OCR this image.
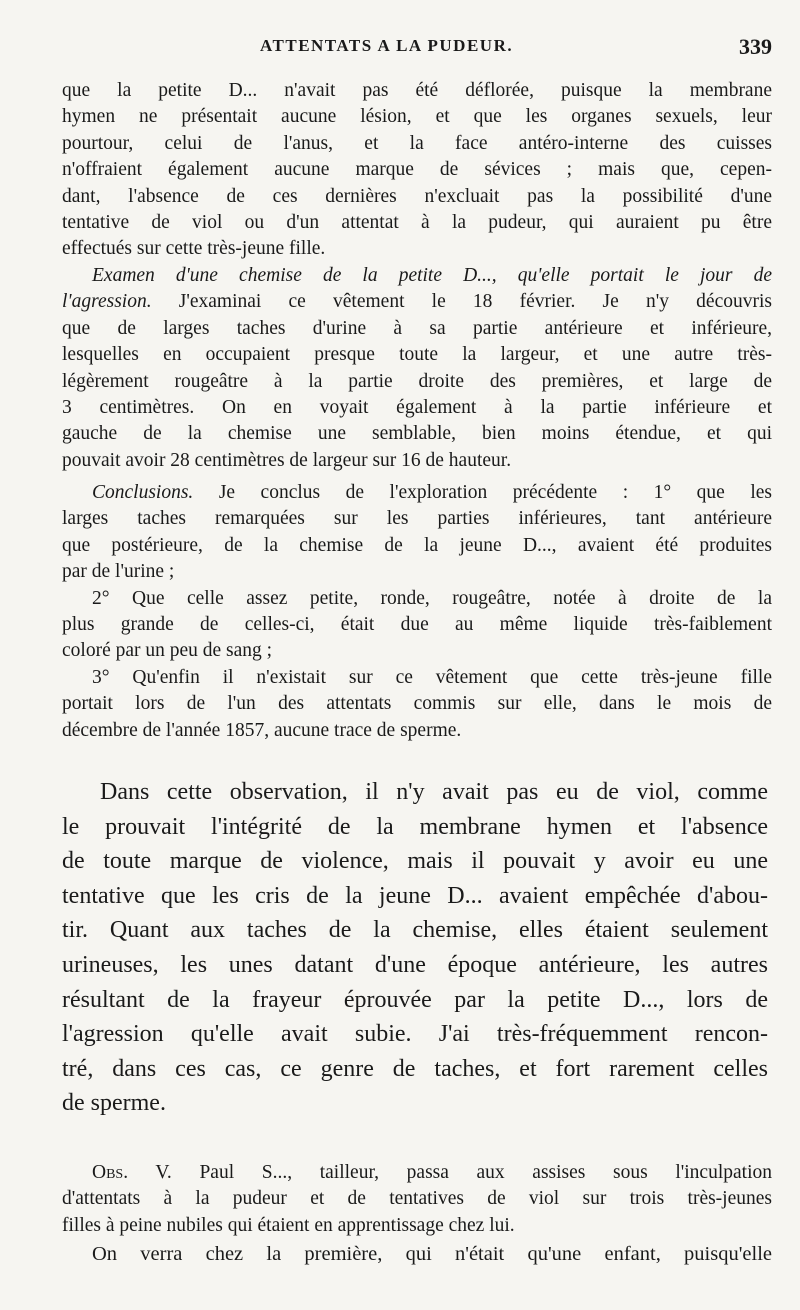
ATTENTATS A LA PUDEUR.	339

que la petite D... n'avait pas été déflorée, puisque la membrane

hymen ne présentait aucune lésion, et que les organes sexuels, leur

pourtour, celui de l'anus, et la face antéro-interne des cuisses

n'offraient également aucune marque de sévices ; mais que, cepen-

dant, l'absence de ces dernières n'excluait pas la possibilité d'une

tentative de viol ou d'un attentat à la pudeur, qui auraient pu être

effectués sur cette très-jeune fille.

Examen d'une chemise de la petite D..., qu'elle portait le jour de

l'agression. J'examinai ce vêtement le 18 février. Je n'y découvris

que de larges taches d'urine à sa partie antérieure et inférieure,

lesquelles en occupaient presque toute la largeur, et une autre très-

légèrement rougeâtre à la partie droite des premières, et large de

3 centimètres. On en voyait également à la partie inférieure et

gauche de la chemise une semblable, bien moins étendue, et qui

pouvait avoir 28 centimètres de largeur sur 16 de hauteur.

Conclusions. Je conclus de l'exploration précédente : 1° que les

larges taches remarquées sur les parties inférieures, tant antérieure

que postérieure, de la chemise de la jeune D..., avaient été produites

par de l'urine ;

2° Que celle assez petite, ronde, rougeâtre, notée à droite de la

plus grande de celles-ci, était due au même liquide très-faiblement

coloré par un peu de sang ;

3° Qu'enfin il n'existait sur ce vêtement que cette très-jeune fille

portait lors de l'un des attentats commis sur elle, dans le mois de

décembre de l'année 1857, aucune trace de sperme.

Dans cette observation, il n'y avait pas eu de viol, comme

le prouvait l'intégrité de la membrane hymen et l'absence

de toute marque de violence, mais il pouvait y avoir eu une

tentative que les cris de la jeune D... avaient empêchée d'abou-

tir. Quant aux taches de la chemise, elles étaient seulement

urineuses, les unes datant d'une époque antérieure, les autres

résultant de la frayeur éprouvée par la petite D..., lors de

l'agression qu'elle avait subie. J'ai très-fréquemment rencon-

tré, dans ces cas, ce genre de taches, et fort rarement celles

de sperme.

Obs. V. Paul S..., tailleur, passa aux assises sous l'inculpation

d'attentats à la pudeur et de tentatives de viol sur trois très-jeunes

filles à peine nubiles qui étaient en apprentissage chez lui.

On verra chez la première, qui n'était qu'une enfant, puisqu'elle
